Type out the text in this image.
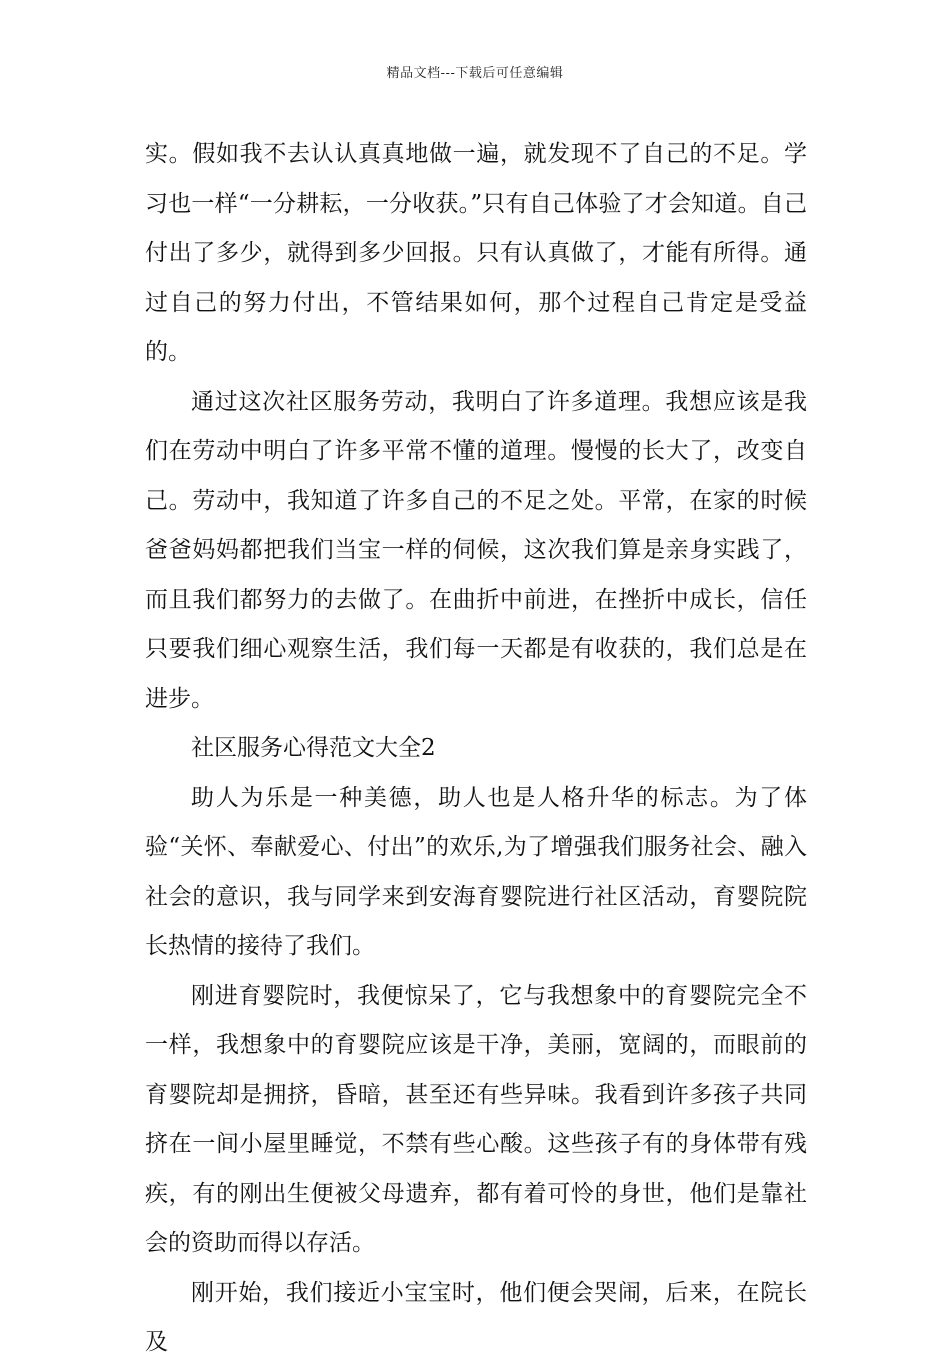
精品文档---下载后可任意编辑

实。假如我不去认认真真地做一遍，就发现不了自己的不足。学习也一样“一分耕耘，一分收获。”只有自己体验了才会知道。自己付出了多少，就得到多少回报。只有认真做了，才能有所得。通过自己的努力付出，不管结果如何，那个过程自己肯定是受益的。

通过这次社区服务劳动，我明白了许多道理。我想应该是我们在劳动中明白了许多平常不懂的道理。慢慢的长大了，改变自己。劳动中，我知道了许多自己的不足之处。平常，在家的时候爸爸妈妈都把我们当宝一样的伺候，这次我们算是亲身实践了，而且我们都努力的去做了。在曲折中前进，在挫折中成长，信任只要我们细心观察生活，我们每一天都是有收获的，我们总是在进步。

社区服务心得范文大全2

助人为乐是一种美德，助人也是人格升华的标志。为了体验“关怀、奉献爱心、付出”的欢乐,为了增强我们服务社会、融入社会的意识，我与同学来到安海育婴院进行社区活动，育婴院院长热情的接待了我们。

刚进育婴院时，我便惊呆了，它与我想象中的育婴院完全不一样，我想象中的育婴院应该是干净，美丽，宽阔的，而眼前的育婴院却是拥挤，昏暗，甚至还有些异味。我看到许多孩子共同挤在一间小屋里睡觉，不禁有些心酸。这些孩子有的身体带有残疾，有的刚出生便被父母遗弃，都有着可怜的身世，他们是靠社会的资助而得以存活。

刚开始，我们接近小宝宝时，他们便会哭闹，后来，在院长及
